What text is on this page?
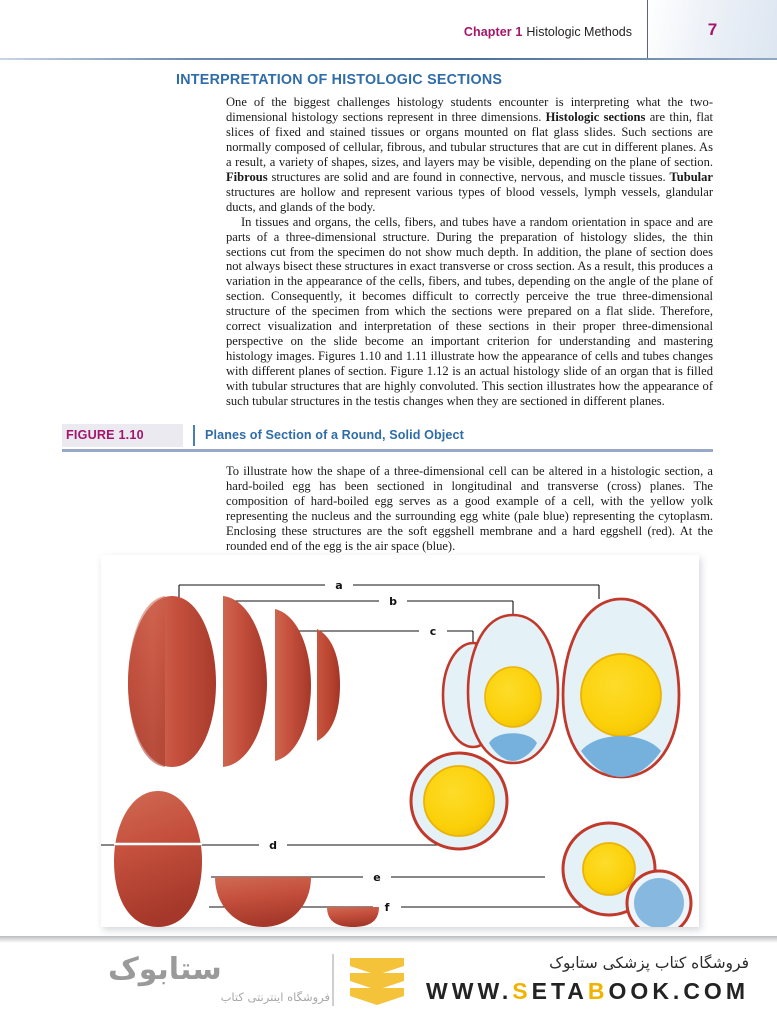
Chapter 1 Histologic Methods	7
INTERPRETATION OF HISTOLOGIC SECTIONS

One of the biggest challenges histology students encounter is interpreting what the two-dimensional histology sections represent in three dimensions. Histologic sections are thin, flat slices of fixed and stained tissues or organs mounted on flat glass slides. Such sections are normally composed of cellular, fibrous, and tubular structures that are cut in different planes. As a result, a variety of shapes, sizes, and layers may be visible, depending on the plane of section. Fibrous structures are solid and are found in connective, nervous, and muscle tissues. Tubular structures are hollow and represent various types of blood vessels, lymph vessels, glandular ducts, and glands of the body.

In tissues and organs, the cells, fibers, and tubes have a random orientation in space and are parts of a three-dimensional structure. During the preparation of histology slides, the thin sections cut from the specimen do not show much depth. In addition, the plane of section does not always bisect these structures in exact transverse or cross section. As a result, this produces a variation in the appearance of the cells, fibers, and tubes, depending on the angle of the plane of section. Consequently, it becomes difficult to correctly perceive the true three-dimensional structure of the specimen from which the sections were prepared on a flat slide. Therefore, correct visualization and interpretation of these sections in their proper three-dimensional perspective on the slide become an important criterion for understanding and mastering histology images. Figures 1.10 and 1.11 illustrate how the appearance of cells and tubes changes with different planes of section. Figure 1.12 is an actual histology slide of an organ that is filled with tubular structures that are highly convoluted. This section illustrates how the appearance of such tubular structures in the testis changes when they are sectioned in different planes.

FIGURE 1.10	Planes of Section of a Round, Solid Object

To illustrate how the shape of a three-dimensional cell can be altered in a histologic section, a hard-boiled egg has been sectioned in longitudinal and transverse (cross) planes. The composition of hard-boiled egg serves as a good example of a cell, with the yellow yolk representing the nucleus and the surrounding egg white (pale blue) representing the cytoplasm. Enclosing these structures are the soft eggshell membrane and a hard eggshell (red). At the rounded end of the egg is the air space (blue).

a
b
c
d
e
f
ستابوک
فروشگاه اینترنتی کتاب
فروشگاه کتاب پزشکی ستابوک
WWW.SETABOOK.COM
